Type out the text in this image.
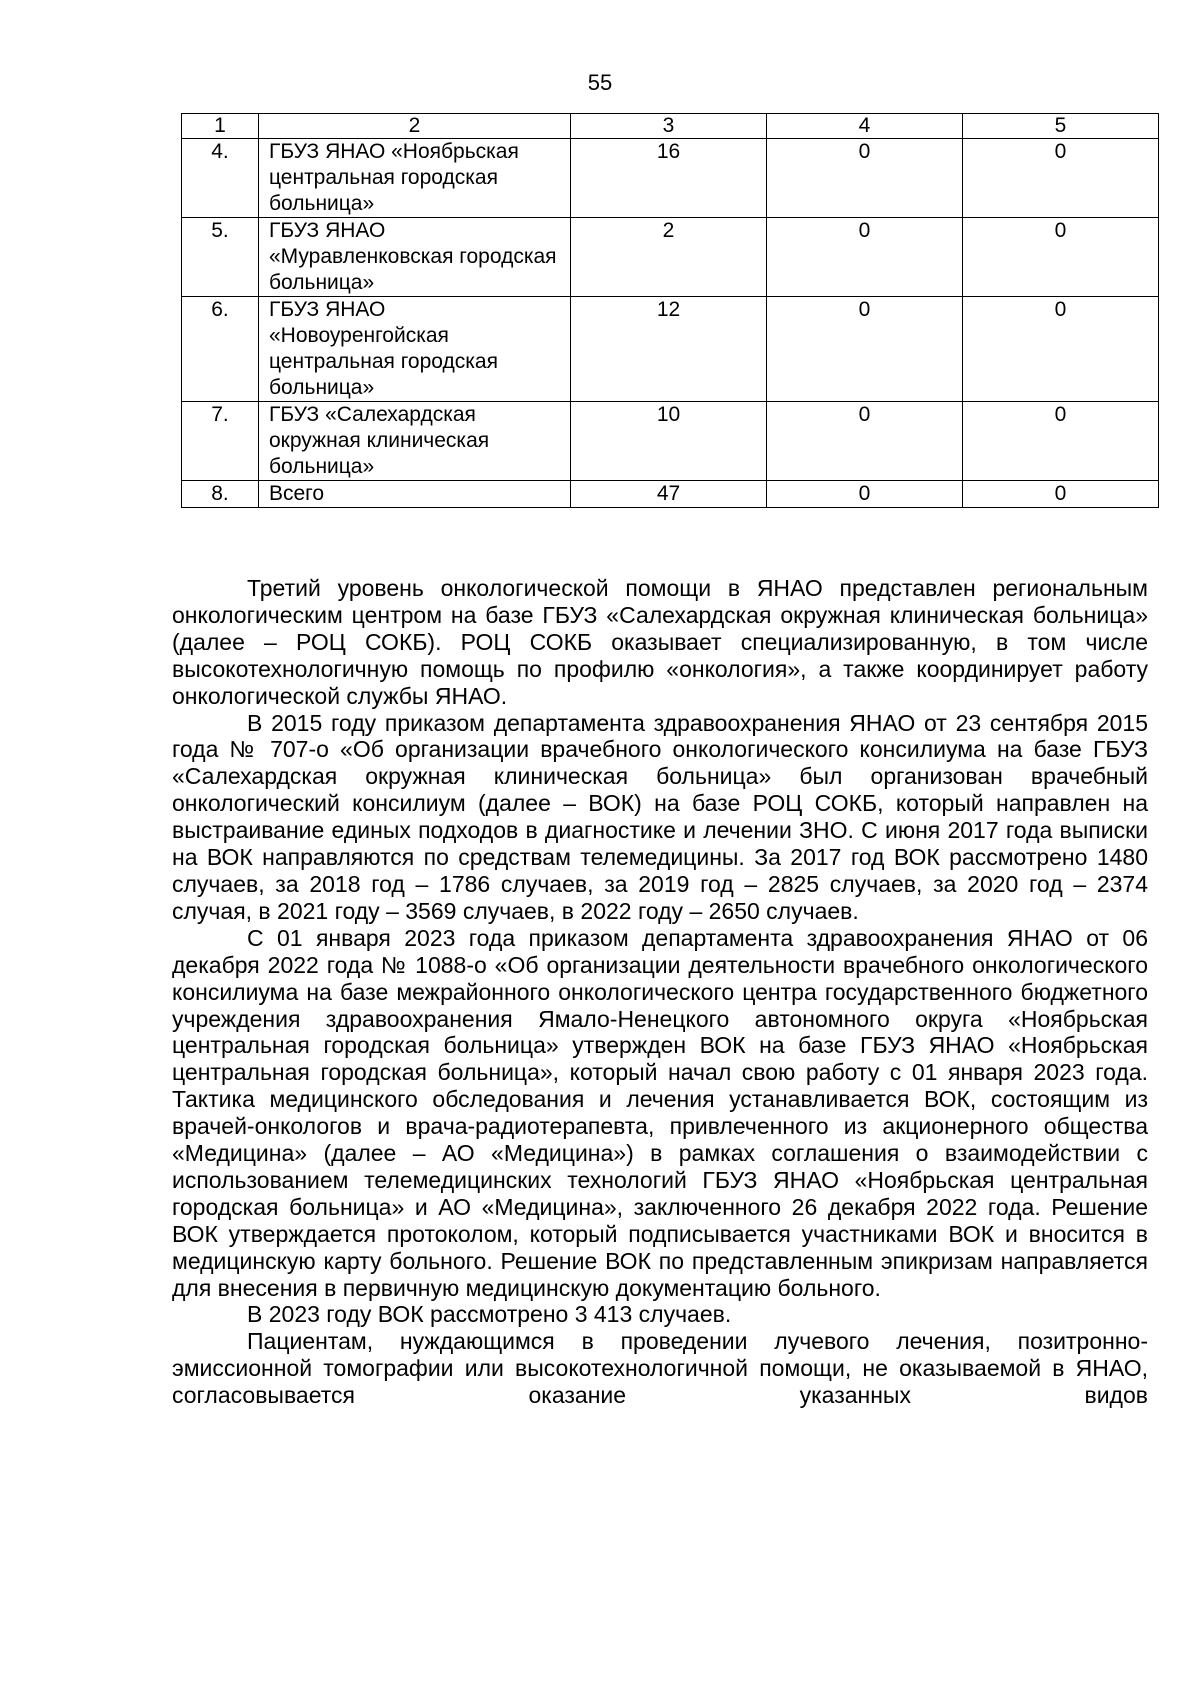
55
1	2	3	4	5
4.	ГБУЗ ЯНАО «Ноябрьская центральная городская больница»	16	0	0
5.	ГБУЗ ЯНАО «Муравленковская городская больница»	2	0	0
6.	ГБУЗ ЯНАО «Новоуренгойская центральная городская больница»	12	0	0
7.	ГБУЗ «Салехардская окружная клиническая больница»	10	0	0
8.	Всего	47	0	0

Третий уровень онкологической помощи в ЯНАО представлен региональным онкологическим центром на базе ГБУЗ «Салехардская окружная клиническая больница» (далее – РОЦ СОКБ). РОЦ СОКБ оказывает специализированную, в том числе высокотехнологичную помощь по профилю «онкология», а также координирует работу онкологической службы ЯНАО.

В 2015 году приказом департамента здравоохранения ЯНАО от 23 сентября 2015 года № 707-о «Об организации врачебного онкологического консилиума на базе ГБУЗ «Салехардская окружная клиническая больница» был организован врачебный онкологический консилиум (далее – ВОК) на базе РОЦ СОКБ, который направлен на выстраивание единых подходов в диагностике и лечении ЗНО. С июня 2017 года выписки на ВОК направляются по средствам телемедицины. За 2017 год ВОК рассмотрено 1480 случаев, за 2018 год – 1786 случаев, за 2019 год – 2825 случаев, за 2020 год – 2374 случая, в 2021 году – 3569 случаев, в 2022 году – 2650 случаев.

С 01 января 2023 года приказом департамента здравоохранения ЯНАО от 06 декабря 2022 года № 1088-о «Об организации деятельности врачебного онкологического консилиума на базе межрайонного онкологического центра государственного бюджетного учреждения здравоохранения Ямало-Ненецкого автономного округа «Ноябрьская центральная городская больница» утвержден ВОК на базе ГБУЗ ЯНАО «Ноябрьская центральная городская больница», который начал свою работу с 01 января 2023 года. Тактика медицинского обследования и лечения устанавливается ВОК, состоящим из врачей-онкологов и врача-радиотерапевта, привлеченного из акционерного общества «Медицина» (далее – АО «Медицина») в рамках соглашения о взаимодействии с использованием телемедицинских технологий ГБУЗ ЯНАО «Ноябрьская центральная городская больница» и АО «Медицина», заключенного 26 декабря 2022 года. Решение ВОК утверждается протоколом, который подписывается участниками ВОК и вносится в медицинскую карту больного. Решение ВОК по представленным эпикризам направляется для внесения в первичную медицинскую документацию больного.

В 2023 году ВОК рассмотрено 3 413 случаев.

Пациентам, нуждающимся в проведении лучевого лечения, позитронно-эмиссионной томографии или высокотехнологичной помощи, не оказываемой в ЯНАО, согласовывается оказание указанных видов
